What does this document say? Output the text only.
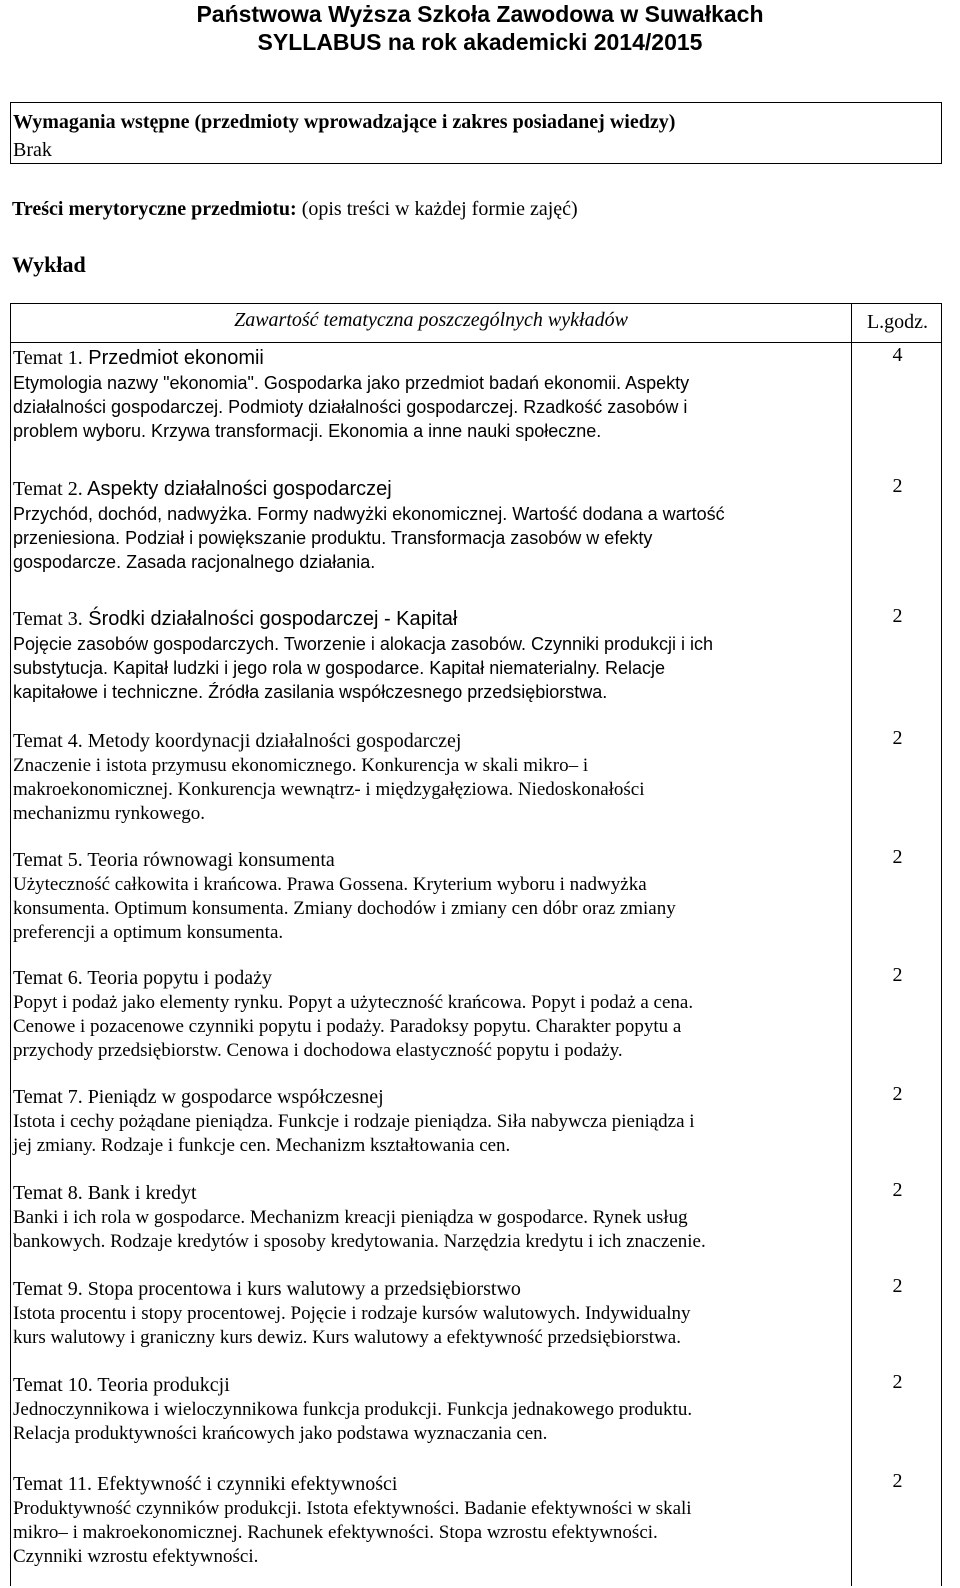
Państwowa Wyższa Szkoła Zawodowa w Suwałkach
SYLLABUS na rok akademicki 2014/2015
Wymagania wstępne (przedmioty wprowadzające i zakres posiadanej wiedzy)
Brak
Treści merytoryczne przedmiotu: (opis treści w każdej formie zajęć)
Wykład
Zawartość tematyczna poszczególnych wykładów	L.godz.
Temat 1. Przedmiot ekonomii
Etymologia nazwy "ekonomia". Gospodarka jako przedmiot badań ekonomii. Aspekty
działalności gospodarczej. Podmioty działalności gospodarczej. Rzadkość zasobów i
problem wyboru. Krzywa transformacji. Ekonomia a inne nauki społeczne.
4
Temat 2. Aspekty działalności gospodarczej
Przychód, dochód, nadwyżka. Formy nadwyżki ekonomicznej. Wartość dodana a wartość
przeniesiona. Podział i powiększanie produktu. Transformacja zasobów w efekty
gospodarcze. Zasada racjonalnego działania.
2
Temat 3. Środki działalności gospodarczej - Kapitał
Pojęcie zasobów gospodarczych. Tworzenie i alokacja zasobów. Czynniki produkcji i ich
substytucja. Kapitał ludzki i jego rola w gospodarce. Kapitał niematerialny. Relacje
kapitałowe i techniczne. Źródła zasilania współczesnego przedsiębiorstwa.
2
Temat 4. Metody koordynacji działalności gospodarczej
Znaczenie i istota przymusu ekonomicznego. Konkurencja w skali mikro– i
makroekonomicznej. Konkurencja wewnątrz- i międzygałęziowa. Niedoskonałości
mechanizmu rynkowego.
2
Temat 5. Teoria równowagi konsumenta
Użyteczność całkowita i krańcowa. Prawa Gossena. Kryterium wyboru i nadwyżka
konsumenta. Optimum konsumenta. Zmiany dochodów i zmiany cen dóbr oraz zmiany
preferencji a optimum konsumenta.
2
Temat 6. Teoria popytu i podaży
Popyt i podaż jako elementy rynku. Popyt a użyteczność krańcowa. Popyt i podaż a cena.
Cenowe i pozacenowe czynniki popytu i podaży. Paradoksy popytu. Charakter popytu a
przychody przedsiębiorstw. Cenowa i dochodowa elastyczność popytu i podaży.
2
Temat 7. Pieniądz w gospodarce współczesnej
Istota i cechy pożądane pieniądza. Funkcje i rodzaje pieniądza. Siła nabywcza pieniądza i
jej zmiany. Rodzaje i funkcje cen. Mechanizm kształtowania cen.
2
Temat 8. Bank i kredyt
Banki i ich rola w gospodarce. Mechanizm kreacji pieniądza w gospodarce. Rynek usług
bankowych. Rodzaje kredytów i sposoby kredytowania. Narzędzia kredytu i ich znaczenie.
2
Temat 9. Stopa procentowa i kurs walutowy a przedsiębiorstwo
Istota procentu i stopy procentowej. Pojęcie i rodzaje kursów walutowych. Indywidualny
kurs walutowy i graniczny kurs dewiz. Kurs walutowy a efektywność przedsiębiorstwa.
2
Temat 10. Teoria produkcji
Jednoczynnikowa i wieloczynnikowa funkcja produkcji. Funkcja jednakowego produktu.
Relacja produktywności krańcowych jako podstawa wyznaczania cen.
2
Temat 11. Efektywność i czynniki efektywności
Produktywność czynników produkcji. Istota efektywności. Badanie efektywności w skali
mikro– i makroekonomicznej. Rachunek efektywności. Stopa wzrostu efektywności.
Czynniki wzrostu efektywności.
2
